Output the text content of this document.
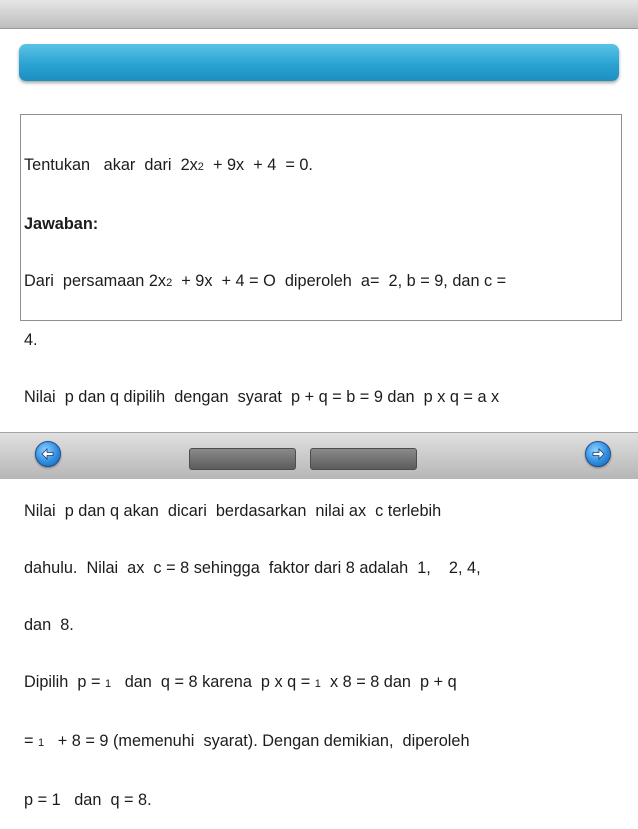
Tentukan   akar  dari  2x2  + 9x  + 4  = 0.

Jawaban:

Dari  persamaan 2x2  + 9x  + 4 = O  diperoleh  a=  2, b = 9, dan c =

4.

Nilai  p dan q dipilih  dengan  syarat  p + q = b = 9 dan  p x q = a x

Nilai  p dan q akan  dicari  berdasarkan  nilai ax  c terlebih

dahulu.  Nilai  ax  c = 8 sehingga  faktor dari 8 adalah  1,    2, 4,

dan  8.

Dipilih  p = 1   dan  q = 8 karena  p x q = 1  x 8 = 8 dan  p + q

= 1   + 8 = 9 (memenuhi  syarat). Dengan demikian,  diperoleh

p = 1   dan  q = 8.
